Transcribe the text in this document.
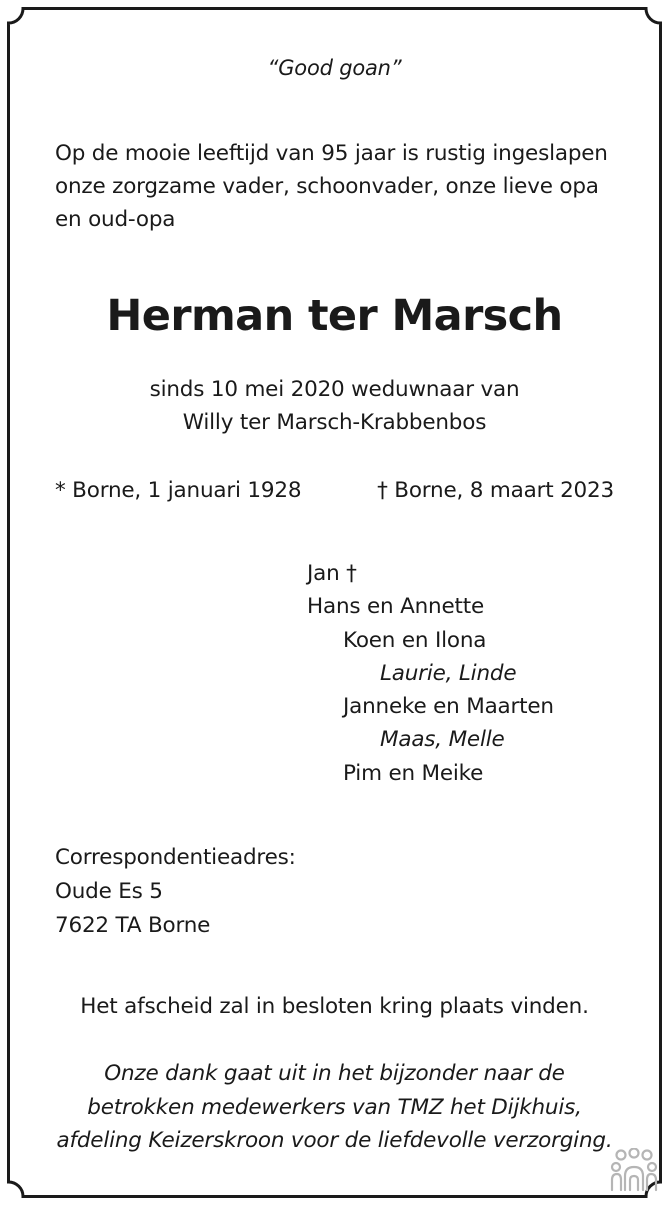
“Good goan”
Op de mooie leeftijd van 95 jaar is rustig ingeslapen
onze zorgzame vader, schoonvader, onze lieve opa
en oud-opa
Herman ter Marsch
sinds 10 mei 2020 weduwnaar van
Willy ter Marsch-Krabbenbos
* Borne, 1 januari 1928	† Borne, 8 maart 2023
Jan †
Hans en Annette
Koen en Ilona
Laurie, Linde
Janneke en Maarten
Maas, Melle
Pim en Meike
Correspondentieadres:
Oude Es 5
7622 TA Borne
Het afscheid zal in besloten kring plaats vinden.
Onze dank gaat uit in het bijzonder naar de
betrokken medewerkers van TMZ het Dijkhuis,
afdeling Keizerskroon voor de liefdevolle verzorging.
